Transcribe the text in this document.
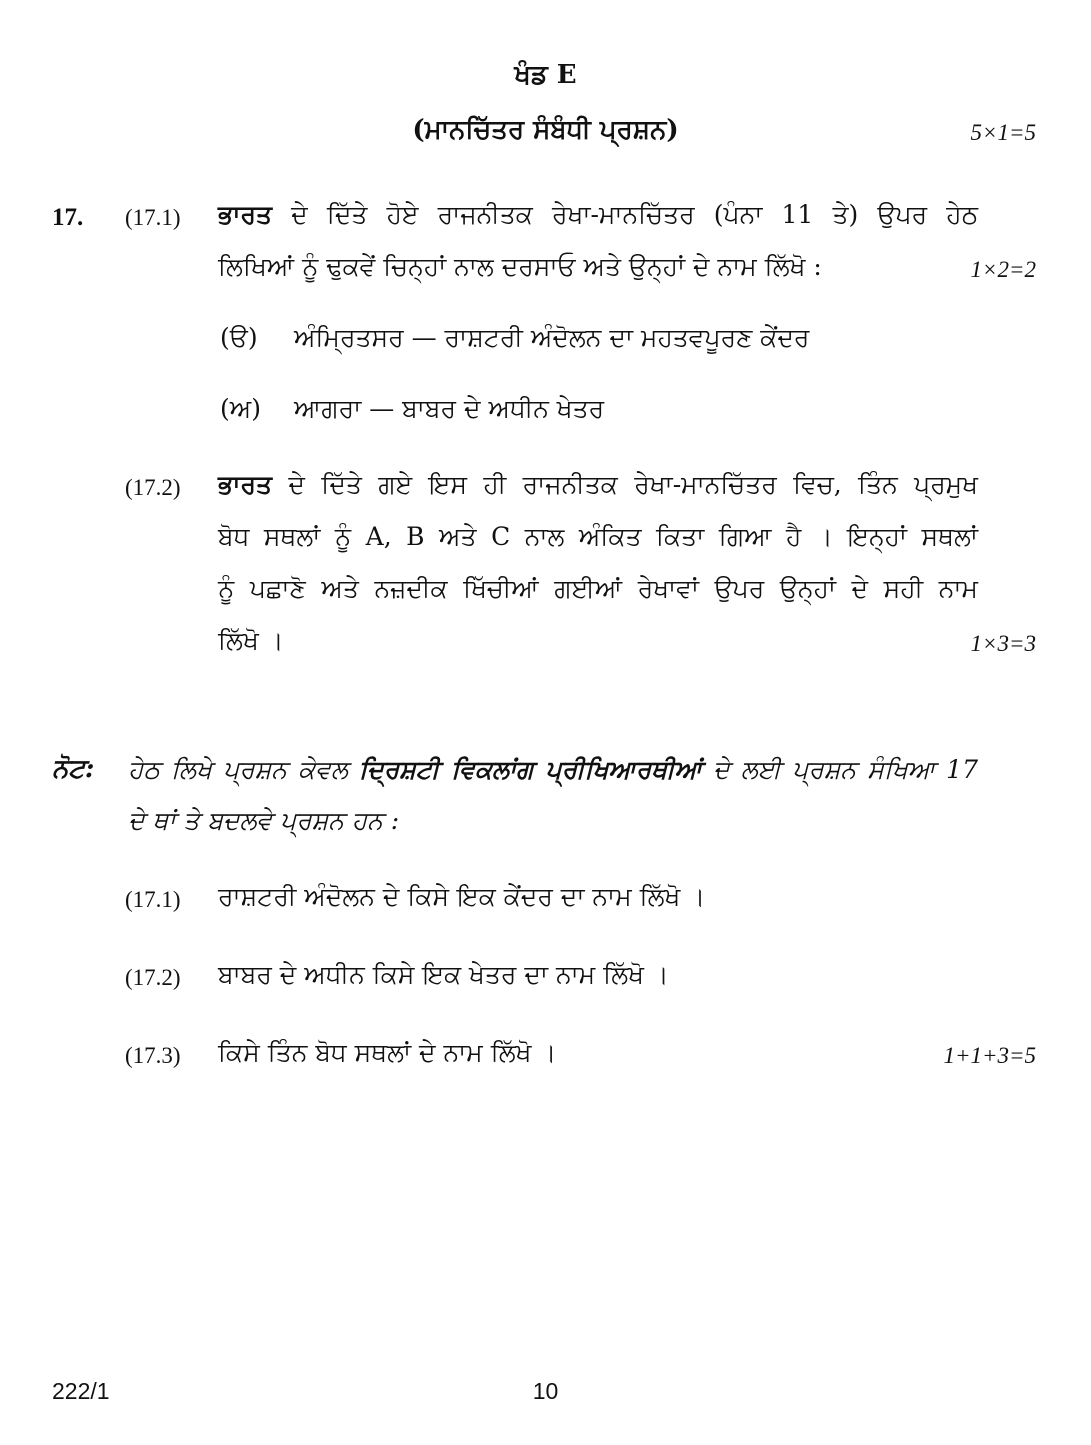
ਖੰਡ E
(ਮਾਨਚਿੱਤਰ ਸੰਬੰਧੀ ਪ੍ਰਸ਼ਨ)	5×1=5
17. (17.1) ਭਾਰਤ ਦੇ ਦਿੱਤੇ ਹੋਏ ਰਾਜਨੀਤਕ ਰੇਖਾ-ਮਾਨਚਿੱਤਰ (ਪੰਨਾ 11 ਤੇ) ਉਪਰ ਹੇਠ
ਲਿਖਿਆਂ ਨੂੰ ਢੁਕਵੇਂ ਚਿਨ੍ਹਾਂ ਨਾਲ ਦਰਸਾਓ ਅਤੇ ਉਨ੍ਹਾਂ ਦੇ ਨਾਮ ਲਿੱਖੋ :	1×2=2
(ੳ) ਅੰਮ੍ਰਿਤਸਰ — ਰਾਸ਼ਟਰੀ ਅੰਦੋਲਨ ਦਾ ਮਹਤਵਪੂਰਣ ਕੇਂਦਰ
(ਅ) ਆਗਰਾ — ਬਾਬਰ ਦੇ ਅਧੀਨ ਖੇਤਰ
(17.2) ਭਾਰਤ ਦੇ ਦਿੱਤੇ ਗਏ ਇਸ ਹੀ ਰਾਜਨੀਤਕ ਰੇਖਾ-ਮਾਨਚਿੱਤਰ ਵਿਚ, ਤਿੰਨ ਪ੍ਰਮੁਖ
ਬੋਧ ਸਥਲਾਂ ਨੂੰ A, B ਅਤੇ C ਨਾਲ ਅੰਕਿਤ ਕਿਤਾ ਗਿਆ ਹੈ । ਇਨ੍ਹਾਂ ਸਥਲਾਂ
ਨੂੰ ਪਛਾਣੋ ਅਤੇ ਨਜ਼ਦੀਕ ਖਿੱਚੀਆਂ ਗਈਆਂ ਰੇਖਾਵਾਂ ਉਪਰ ਉਨ੍ਹਾਂ ਦੇ ਸਹੀ ਨਾਮ
ਲਿੱਖੋ ।	1×3=3
ਨੋਟ: ਹੇਠ ਲਿਖੇ ਪ੍ਰਸ਼ਨ ਕੇਵਲ ਦ੍ਰਿਸ਼ਟੀ ਵਿਕਲਾਂਗ ਪ੍ਰੀਖਿਆਰਥੀਆਂ ਦੇ ਲਈ ਪ੍ਰਸ਼ਨ ਸੰਖਿਆ 17
ਦੇ ਥਾਂ ਤੇ ਬਦਲਵੇ ਪ੍ਰਸ਼ਨ ਹਨ :
(17.1) ਰਾਸ਼ਟਰੀ ਅੰਦੋਲਨ ਦੇ ਕਿਸੇ ਇਕ ਕੇਂਦਰ ਦਾ ਨਾਮ ਲਿੱਖੋ ।
(17.2) ਬਾਬਰ ਦੇ ਅਧੀਨ ਕਿਸੇ ਇਕ ਖੇਤਰ ਦਾ ਨਾਮ ਲਿੱਖੋ ।
(17.3) ਕਿਸੇ ਤਿੰਨ ਬੋਧ ਸਥਲਾਂ ਦੇ ਨਾਮ ਲਿੱਖੋ ।	1+1+3=5
222/1	10
